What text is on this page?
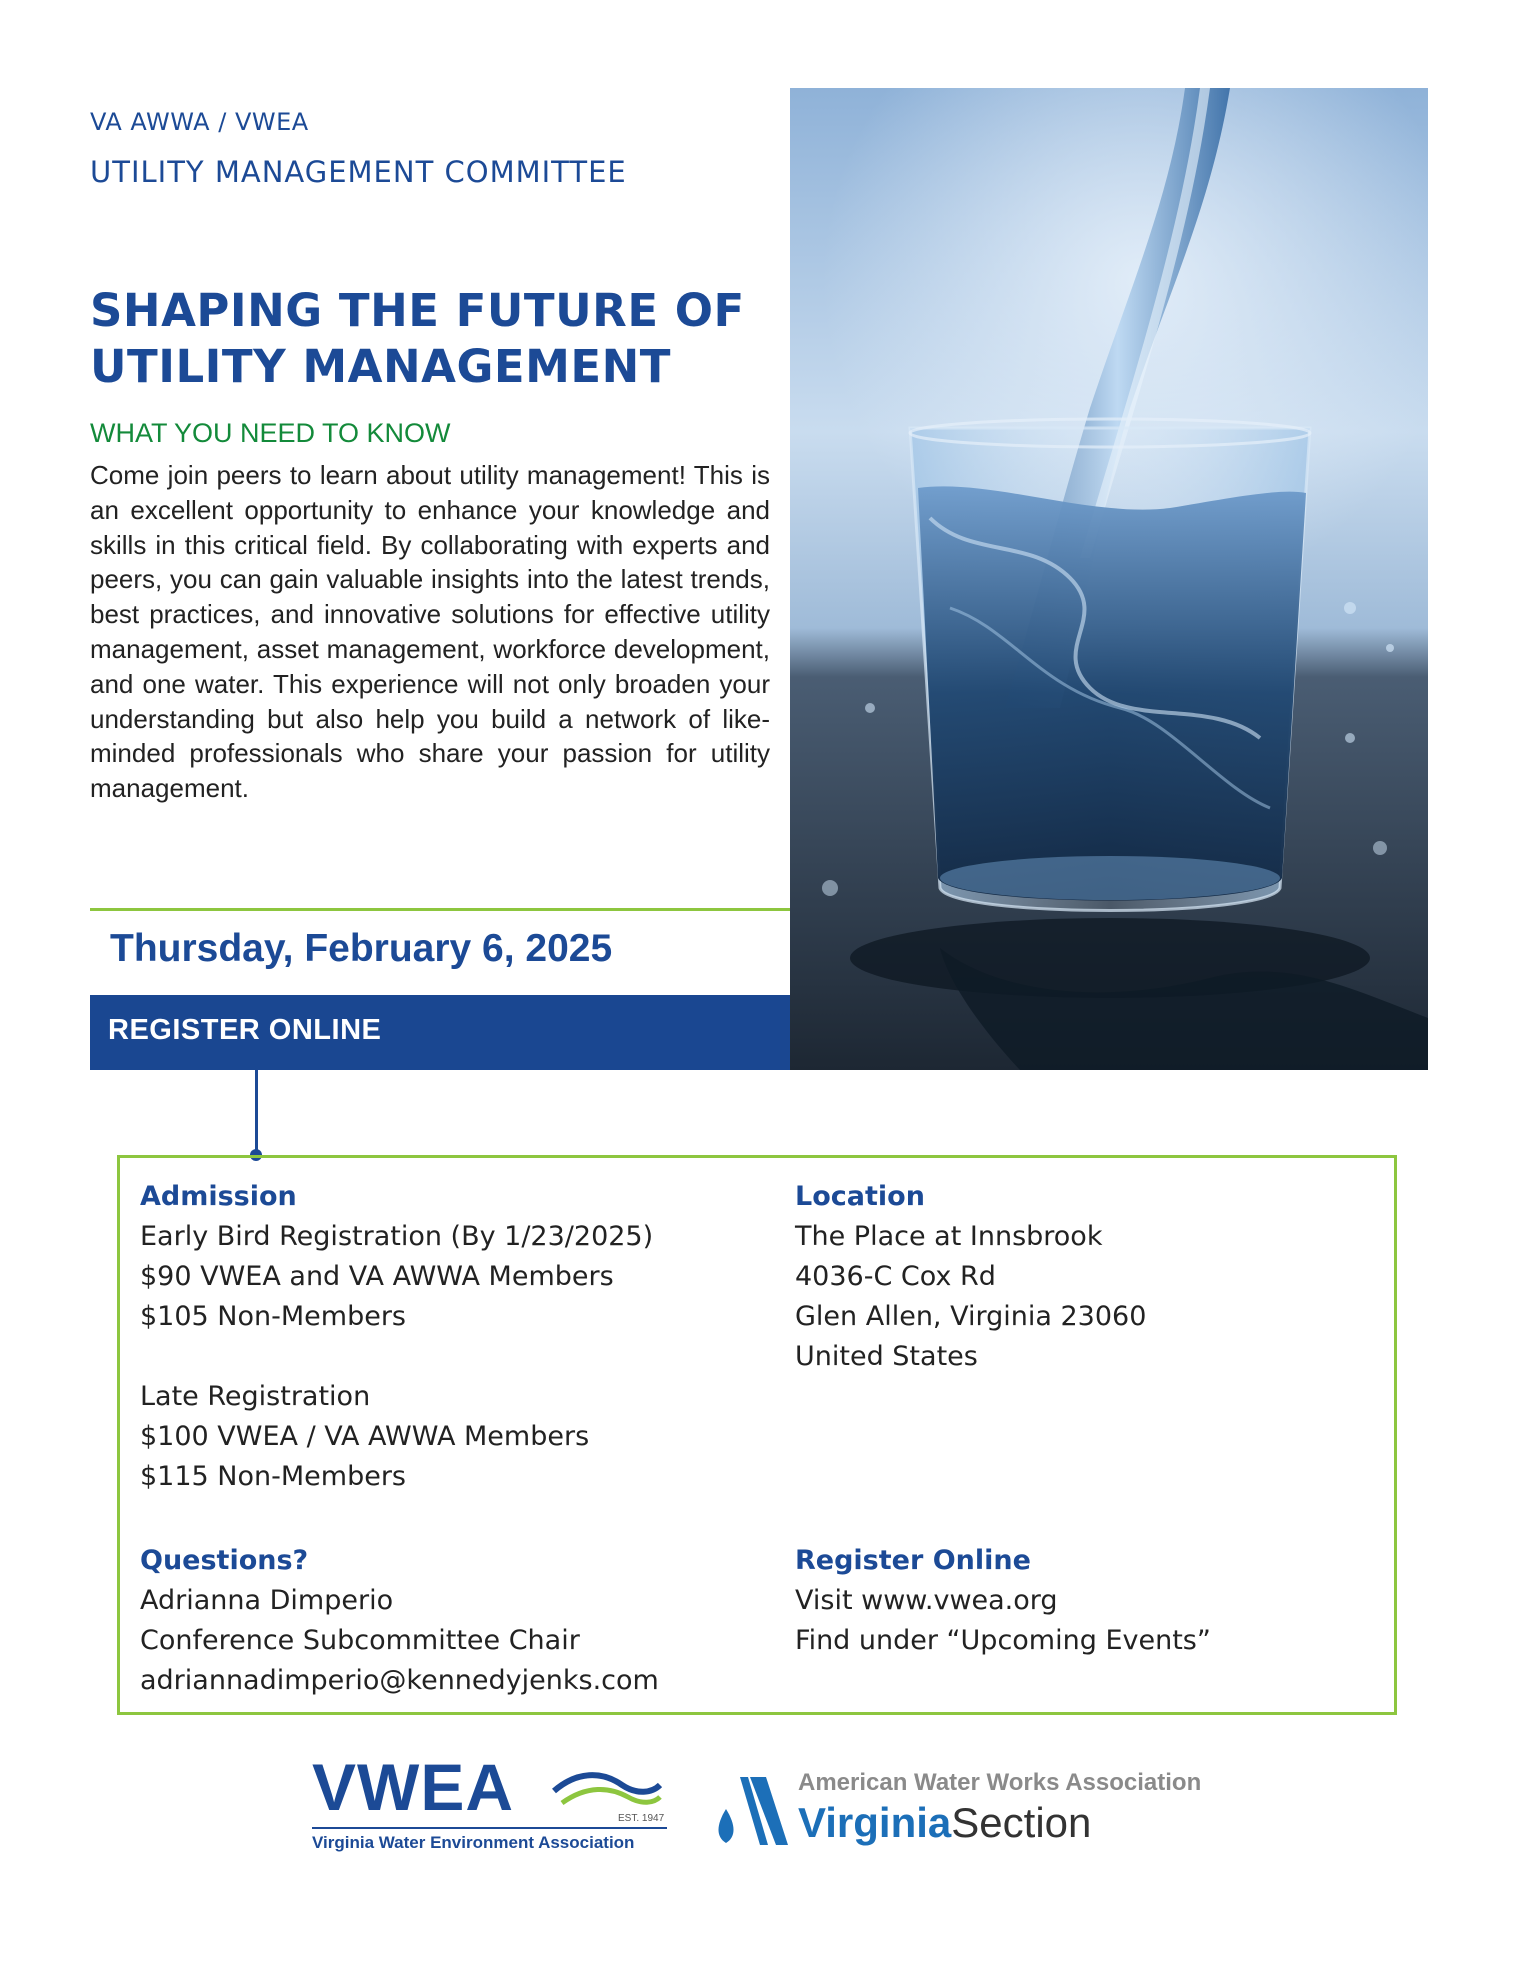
VA AWWA / VWEA
UTILITY MANAGEMENT COMMITTEE
SHAPING THE FUTURE OF
UTILITY MANAGEMENT
WHAT YOU NEED TO KNOW
Come join peers to learn about utility management! This is an excellent opportunity to enhance your knowledge and skills in this critical field. By collaborating with experts and peers, you can gain valuable insights into the latest trends, best practices, and innovative solutions for effective utility management, asset management, workforce development, and one water. This experience will not only broaden your understanding but also help you build a network of like-minded professionals who share your passion for utility management.
Thursday, February 6, 2025
REGISTER ONLINE
Admission
Early Bird Registration (By 1/23/2025)
$90 VWEA and VA AWWA Members
$105 Non-Members
Late Registration
$100 VWEA / VA AWWA Members
$115 Non-Members
Location
The Place at Innsbrook
4036-C Cox Rd
Glen Allen, Virginia 23060
United States
Questions?
Adrianna Dimperio
Conference Subcommittee Chair
adriannadimperio@kennedyjenks.com
Register Online
Visit www.vwea.org
Find under “Upcoming Events”
VWEA	EST. 1947
Virginia Water Environment Association
American Water Works Association
VirginiaSection
